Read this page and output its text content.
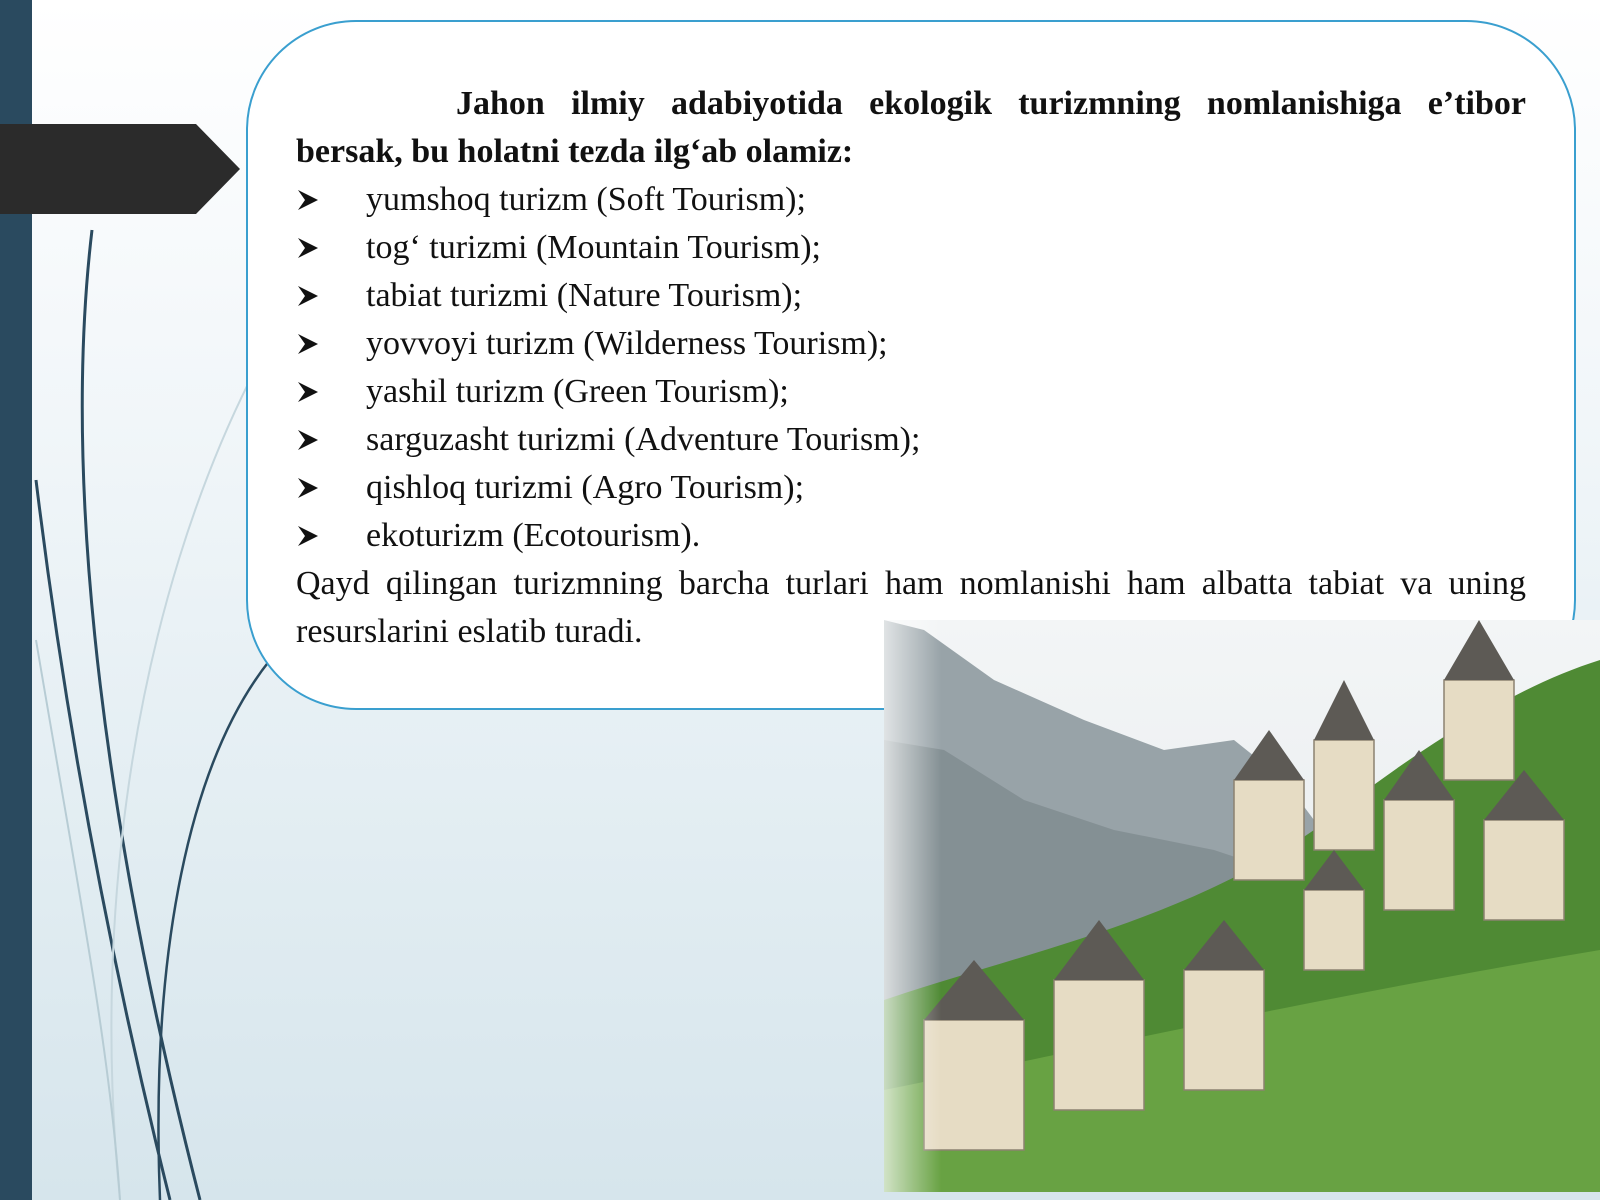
Jahon ilmiy adabiyotida ekologik turizmning nomlanishiga e’tibor bersak, bu holatni tezda ilg‘ab olamiz:

yumshoq turizm (Soft Tourism);
tog‘ turizmi (Mountain Tourism);
tabiat turizmi (Nature Tourism);
yovvoyi turizm (Wilderness Tourism);
yashil turizm (Green Tourism);
sarguzasht turizmi (Adventure Tourism);
qishloq turizmi (Agro Tourism);
ekoturizm (Ecotourism).

Qayd qilingan turizmning barcha turlari ham nomlanishi ham albatta tabiat va uning resurslarini eslatib turadi.
